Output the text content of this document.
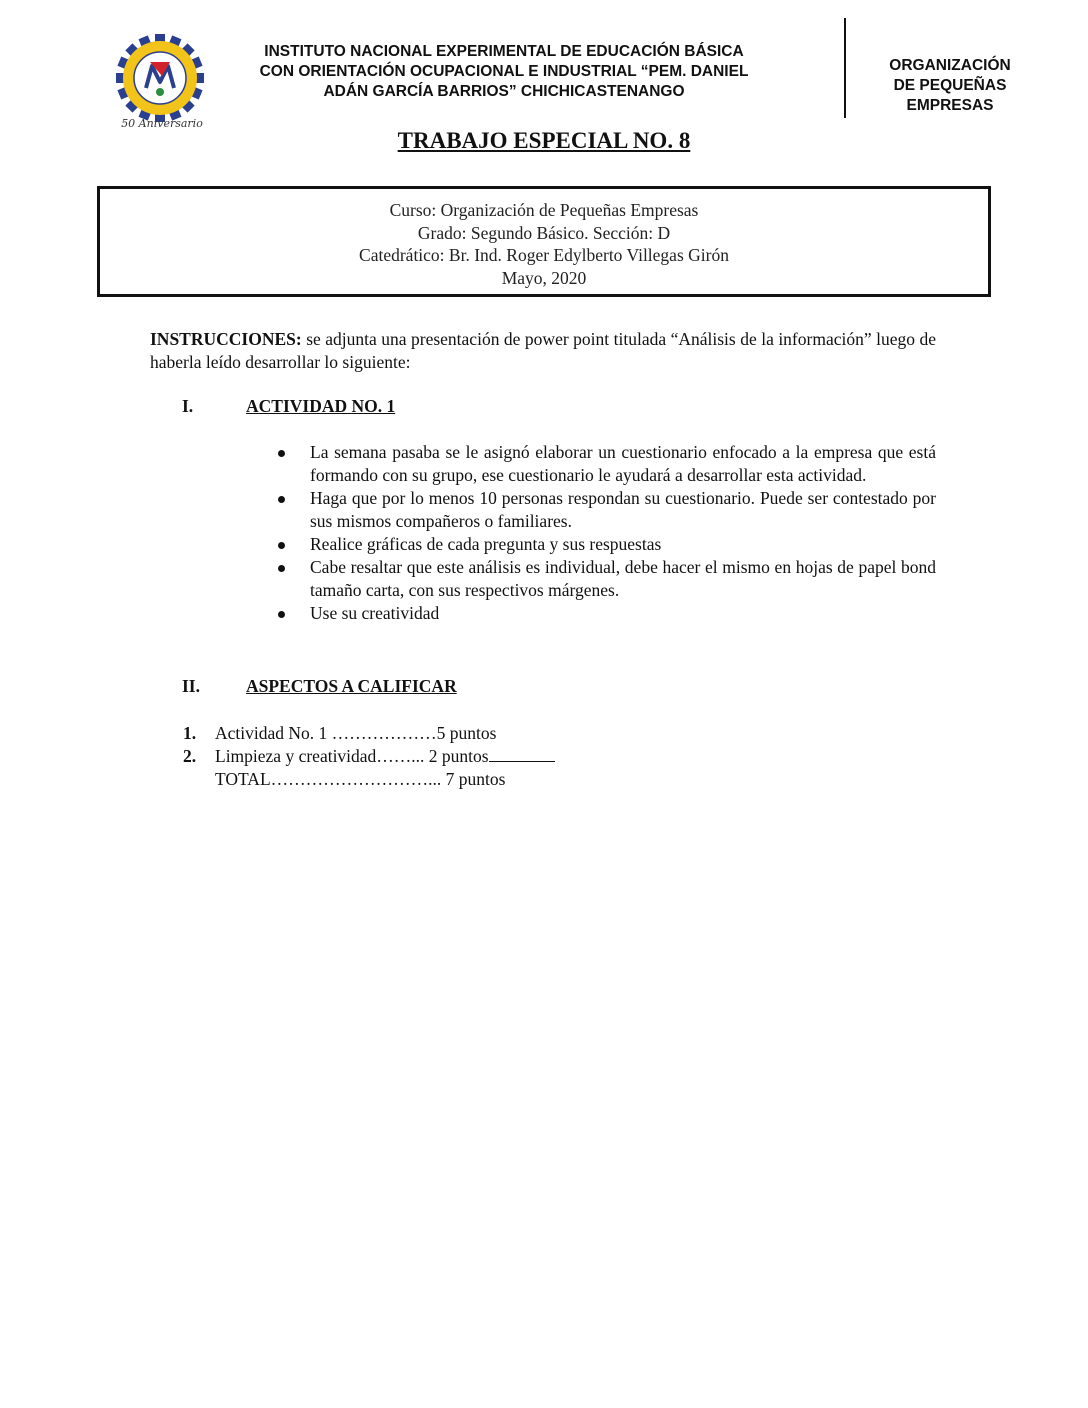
50 Aniversario
INSTITUTO NACIONAL EXPERIMENTAL DE EDUCACIÓN BÁSICA
CON ORIENTACIÓN OCUPACIONAL E INDUSTRIAL “PEM. DANIEL
ADÁN GARCÍA BARRIOS” CHICHICASTENANGO
ORGANIZACIÓN
DE PEQUEÑAS
EMPRESAS
TRABAJO ESPECIAL NO. 8
Curso: Organización de Pequeñas Empresas
Grado: Segundo Básico. Sección: D
Catedrático: Br. Ind. Roger Edylberto Villegas Girón
Mayo, 2020
INSTRUCCIONES: se adjunta una presentación de power point titulada “Análisis de la información” luego de haberla leído desarrollar lo siguiente:
I.	ACTIVIDAD NO. 1
La semana pasaba se le asignó elaborar un cuestionario enfocado a la empresa que está formando con su grupo, ese cuestionario le ayudará a desarrollar esta actividad.
Haga que por lo menos 10 personas respondan su cuestionario. Puede ser contestado por sus mismos compañeros o familiares.
Realice gráficas de cada pregunta y sus respuestas
Cabe resaltar que este análisis es individual, debe hacer el mismo en hojas de papel bond tamaño carta, con sus respectivos márgenes.
Use su creatividad
II.	ASPECTOS A CALIFICAR
1. Actividad No. 1 ………………5 puntos
2. Limpieza y creatividad……... 2 puntos
TOTAL………………………... 7 puntos
